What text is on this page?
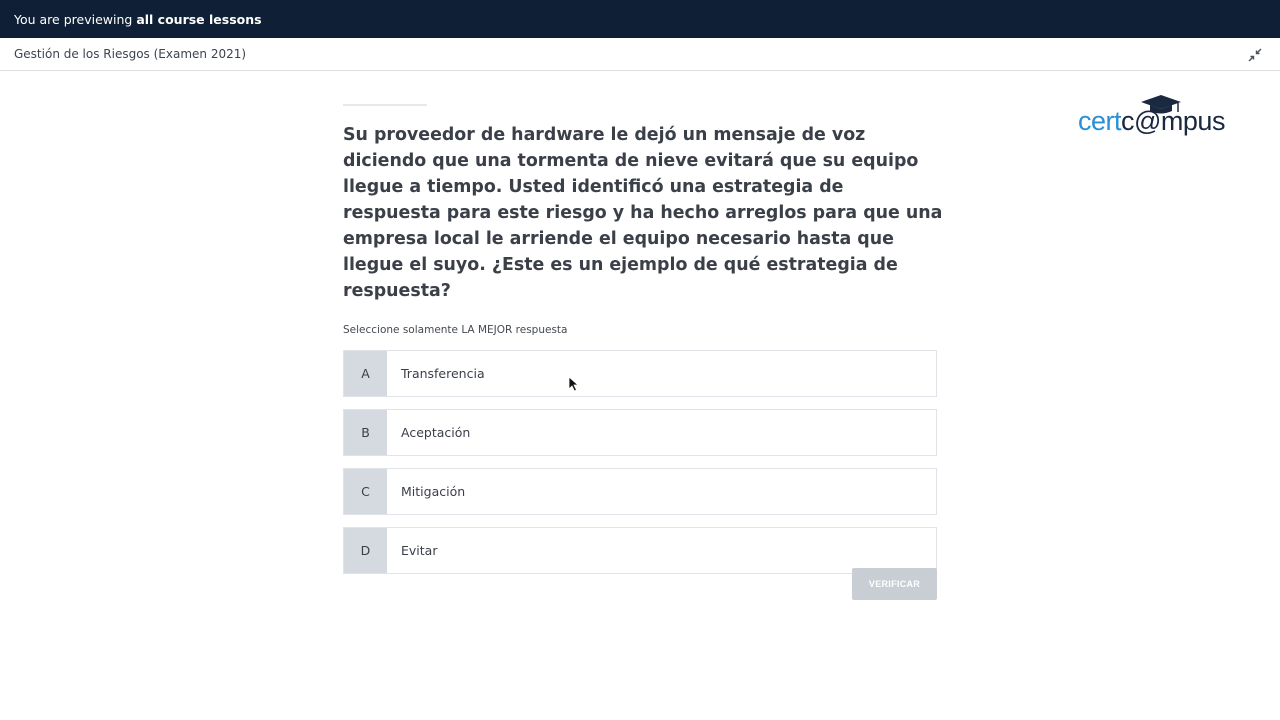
You are previewing all course lessons
Gestión de los Riesgos (Examen 2021)
certc@mpus
Su proveedor de hardware le dejó un mensaje de voz diciendo que una tormenta de nieve evitará que su equipo llegue a tiempo. Usted identificó una estrategia de respuesta para este riesgo y ha hecho arreglos para que una empresa local le arriende el equipo necesario hasta que llegue el suyo. ¿Este es un ejemplo de qué estrategia de respuesta?
Seleccione solamente LA MEJOR respuesta
A	Transferencia
B	Aceptación
C	Mitigación
D	Evitar
VERIFICAR
